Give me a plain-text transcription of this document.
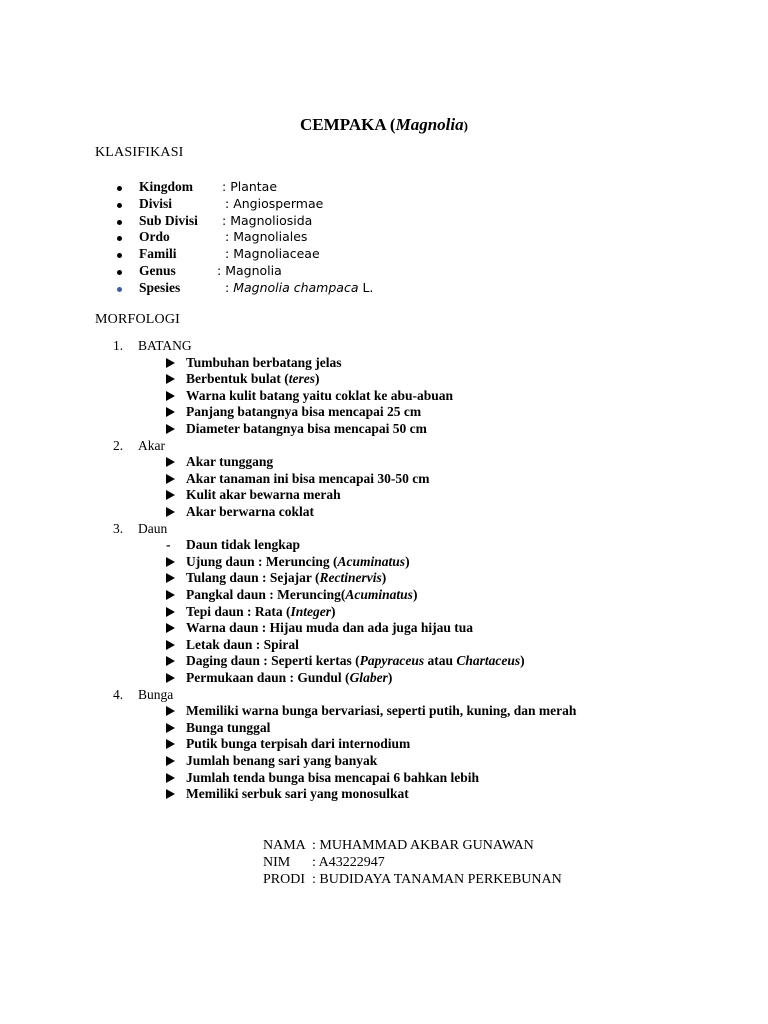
CEMPAKA (Magnolia)
KLASIFIKASI
Kingdom : Plantae
Divisi	: Angiospermae
Sub Divisi : Magnoliosida
Ordo	: Magnoliales
Famili	: Magnoliaceae
Genus	: Magnolia
Spesies	: Magnolia champaca L.
MORFOLOGI
1. BATANG
Tumbuhan berbatang jelas
Berbentuk bulat (teres)
Warna kulit batang yaitu coklat ke abu-abuan
Panjang batangnya bisa mencapai 25 cm
Diameter batangnya bisa mencapai 50 cm
2. Akar
Akar tunggang
Akar tanaman ini bisa mencapai 30-50 cm
Kulit akar bewarna merah
Akar berwarna coklat
3. Daun
- Daun tidak lengkap
Ujung daun : Meruncing (Acuminatus)
Tulang daun : Sejajar (Rectinervis)
Pangkal daun : Meruncing(Acuminatus)
Tepi daun : Rata (Integer)
Warna daun : Hijau muda dan ada juga hijau tua
Letak daun : Spiral
Daging daun : Seperti kertas (Papyraceus atau Chartaceus)
Permukaan daun : Gundul (Glaber)
4. Bunga
Memiliki warna bunga bervariasi, seperti putih, kuning, dan merah
Bunga tunggal
Putik bunga terpisah dari internodium
Jumlah benang sari yang banyak
Jumlah tenda bunga bisa mencapai 6 bahkan lebih
Memiliki serbuk sari yang monosulkat
NAMA : MUHAMMAD AKBAR GUNAWAN
NIM : A43222947
PRODI : BUDIDAYA TANAMAN PERKEBUNAN
